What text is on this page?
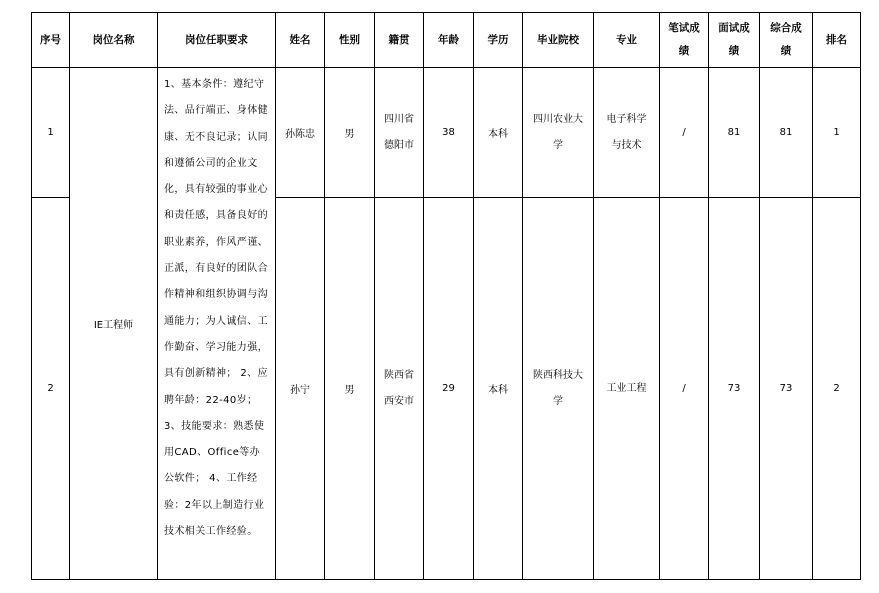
序号	岗位名称	岗位任职要求	姓名	性别	籍贯	年龄	学历	毕业院校	专业	笔试成绩	面试成绩	综合成绩	排名
1	IE工程师	1、基本条件：遵纪守法、品行端正、身体健康、无不良记录；认同和遵循公司的企业文化，具有较强的事业心和责任感，具备良好的职业素养，作风严谨、正派，有良好的团队合作精神和组织协调与沟通能力；为人诚信、工作勤奋、学习能力强，具有创新精神； 2、应聘年龄：22-40岁；3、技能要求：熟悉使用CAD、Office等办公软件； 4、工作经验：2年以上制造行业技术相关工作经验。	孙陈忠	男	四川省德阳市	38	本科	四川农业大学	电子科学与技术	/	81	81	1
2			孙宁	男	陕西省西安市	29	本科	陕西科技大学	工业工程	/	73	73	2
